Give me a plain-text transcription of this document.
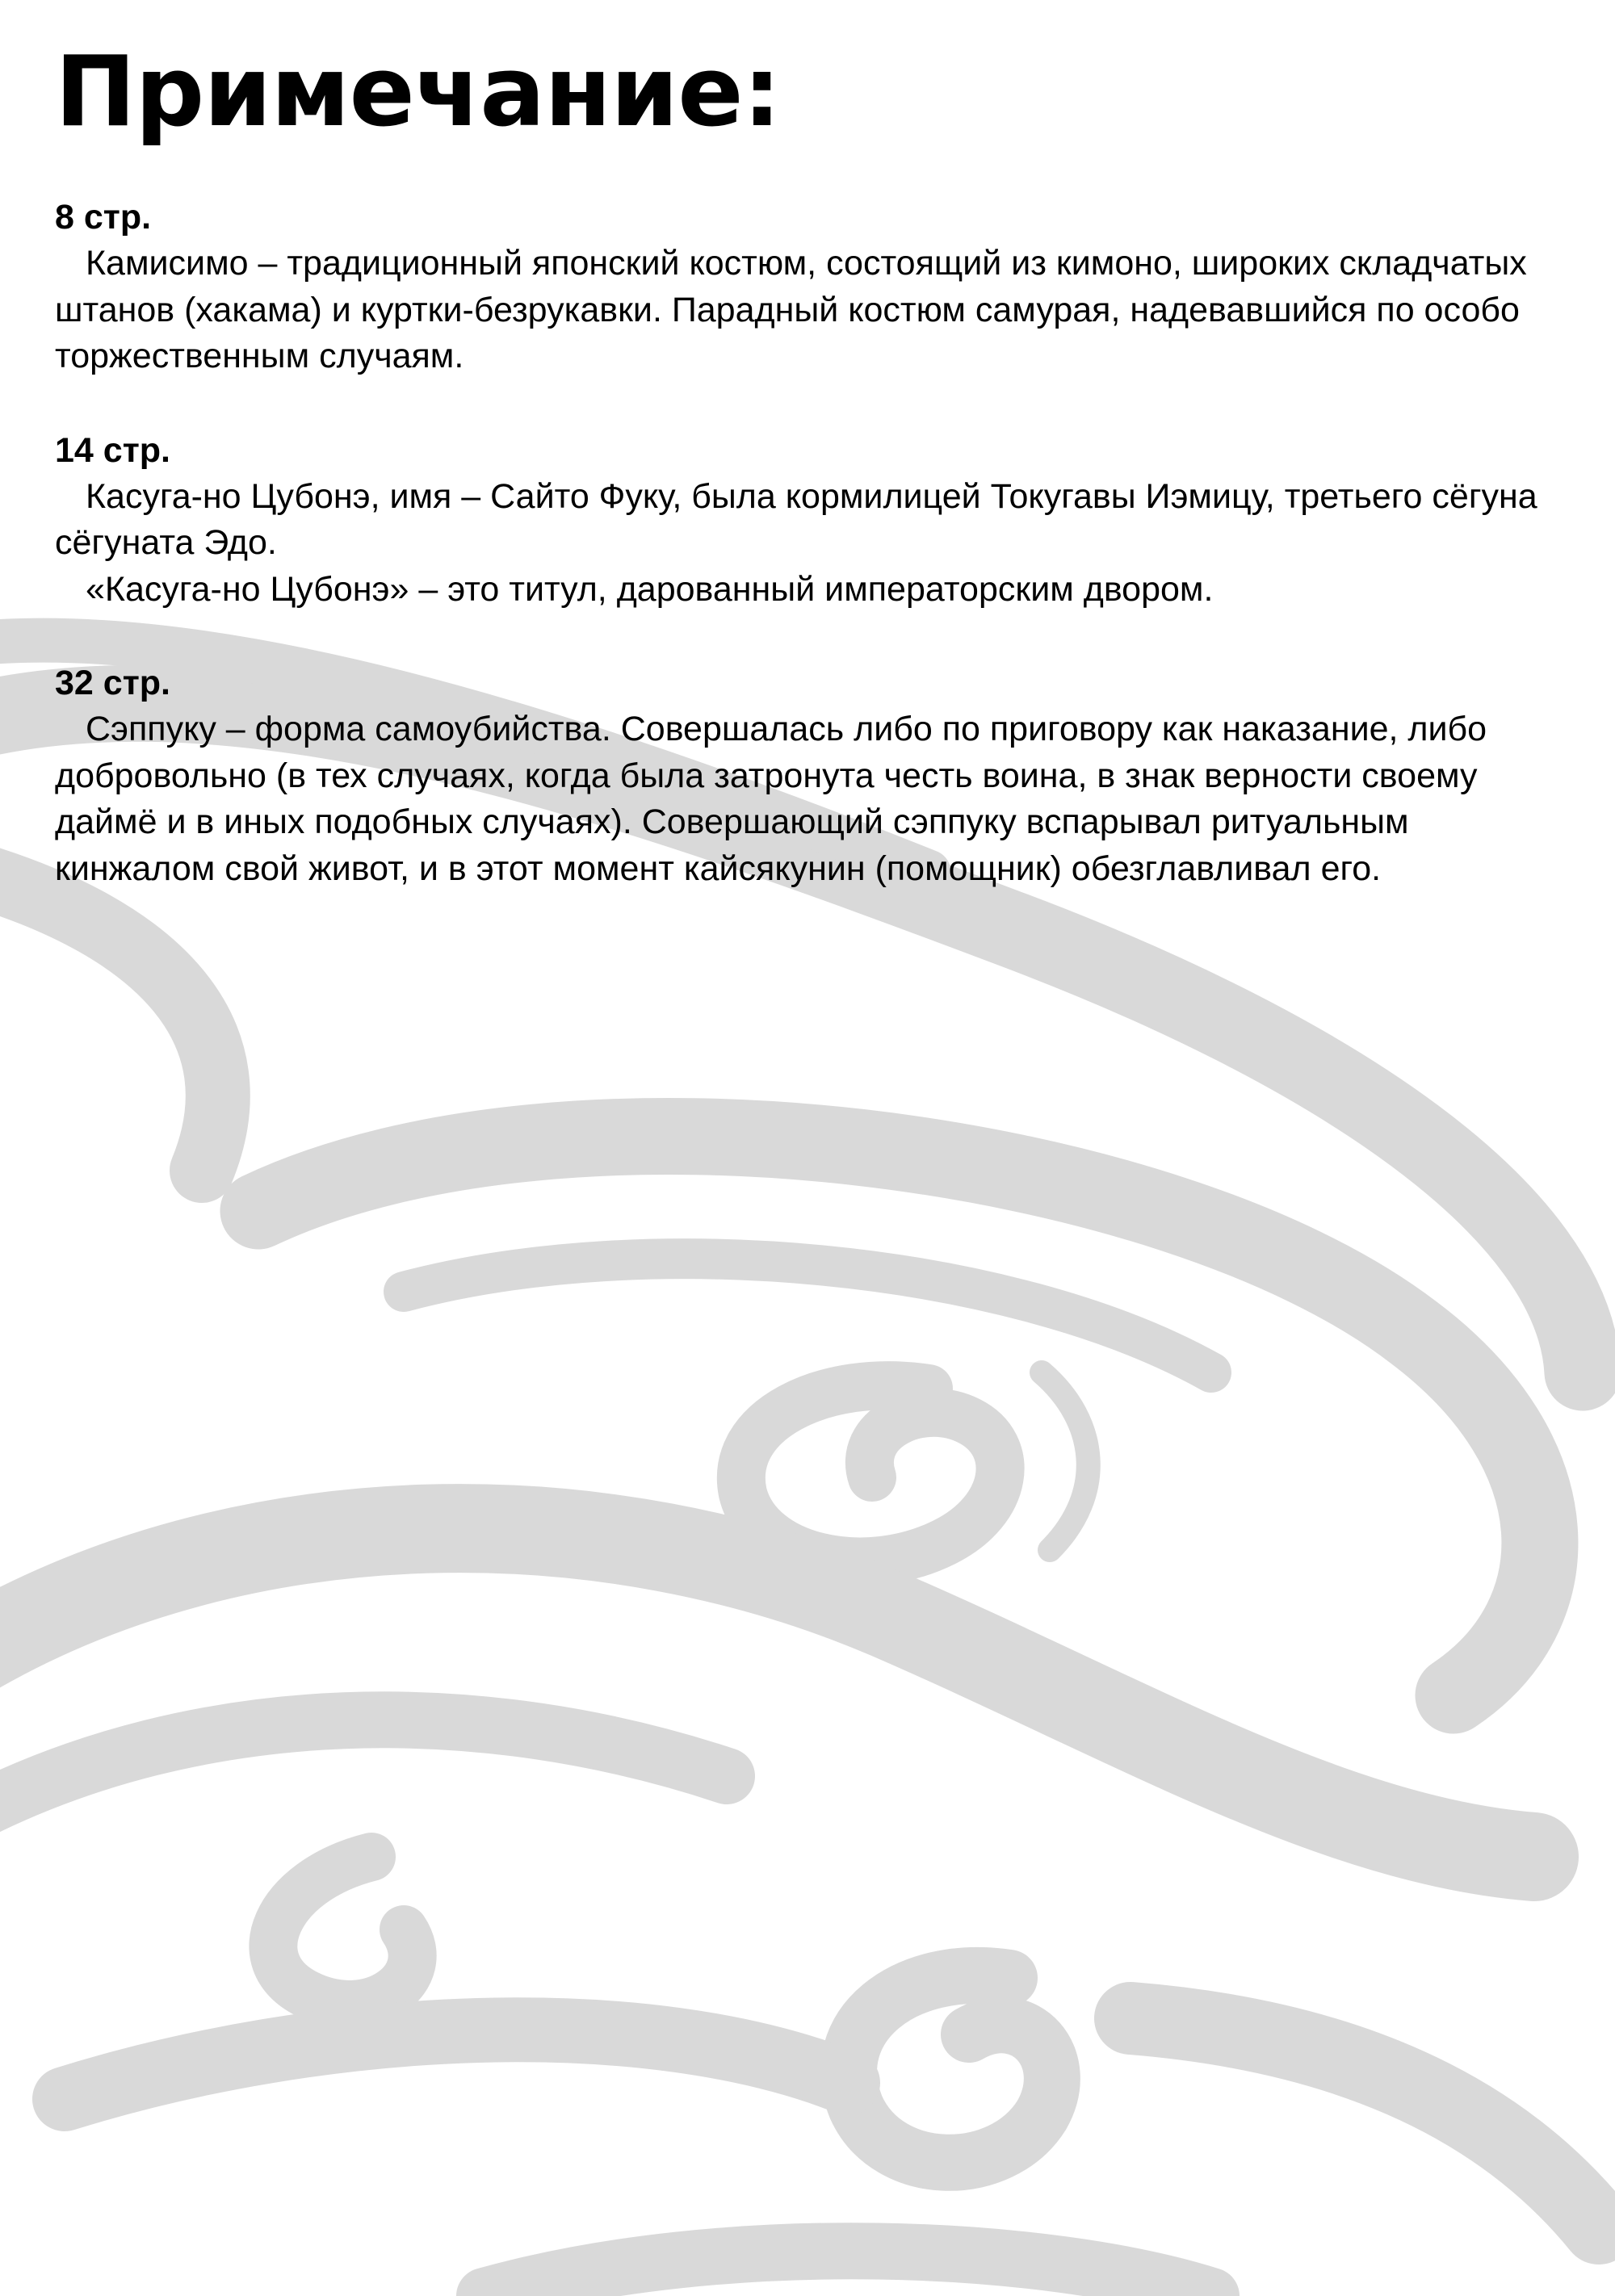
Примечание:
8 стр.

Камисимо – традиционный японский костюм, состоящий из кимоно, широких складчатых штанов (хакама) и куртки-безрукавки. Парадный костюм самурая, надевавшийся по особо торжественным случаям.

14 стр.

Касуга-но Цубонэ, имя – Сайто Фуку, была кормилицей Токугавы Иэмицу, третьего сёгуна сёгуната Эдо.

«Касуга-но Цубонэ» – это титул, дарованный императорским двором.

32 стр.

Сэппуку – форма самоубийства. Совершалась либо по приговору как наказание, либо добровольно (в тех случаях, когда была затронута честь воина, в знак верности своему даймё и в иных подобных случаях). Совершающий сэппуку вспарывал ритуальным кинжалом свой живот, и в этот момент кайсякунин (помощник) обезглавливал его.
